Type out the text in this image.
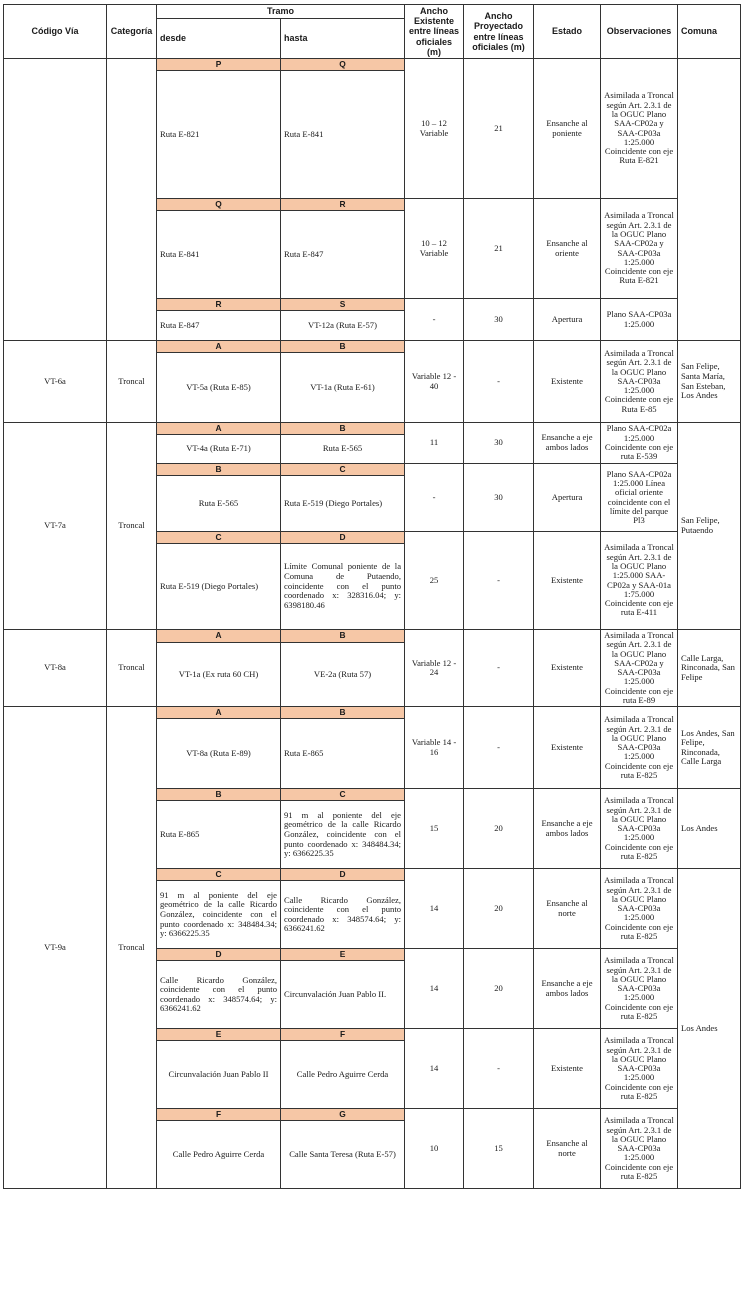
Código Vía	Categoría	Tramo		Ancho Existente entre líneas oficiales (m)	Ancho Proyectado entre líneas oficiales (m)	Estado	Observaciones	Comuna
		desde	hasta					
		P	Q	10 – 12 Variable	21	Ensanche al poniente	Asimilada a Troncal según Art. 2.3.1 de la OGUC Plano SAA-CP02a y SAA-CP03a 1:25.000 Coincidente con eje Ruta E-821	
		Ruta E-821	Ruta E-841					
		Q	R	10 – 12 Variable	21	Ensanche al oriente	Asimilada a Troncal según Art. 2.3.1 de la OGUC Plano SAA-CP02a y SAA-CP03a 1:25.000 Coincidente con eje Ruta E-821	
		Ruta E-841	Ruta E-847					
		R	S	-	30	Apertura	Plano SAA-CP03a 1:25.000	
		Ruta E-847	VT-12a (Ruta E-57)					
VT-6a	Troncal	A	B	Variable 12 - 40	-	Existente	Asimilada a Troncal según Art. 2.3.1 de la OGUC Plano SAA-CP03a 1:25.000 Coincidente con eje Ruta E-85	San Felipe, Santa María, San Esteban, Los Andes
		VT-5a (Ruta E-85)	VT-1a (Ruta E-61)					
VT-7a	Troncal	A	B	11	30	Ensanche a eje ambos lados	Plano SAA-CP02a 1:25.000 Coincidente con eje ruta E-539	San Felipe, Putaendo
		VT-4a (Ruta E-71)	Ruta E-565					
		B	C	-	30	Apertura	Plano SAA-CP02a 1:25.000 Línea oficial oriente coincidente con el límite del parque Pl3	
		Ruta E-565	Ruta E-519 (Diego Portales)					
		C	D	25	-	Existente	Asimilada a Troncal según Art. 2.3.1 de la OGUC Plano 1:25.000 SAA-CP02a y SAA-01a 1:75.000 Coincidente con eje ruta E-411	
		Ruta E-519 (Diego Portales)	Límite Comunal poniente de la Comuna de Putaendo, coincidente con el punto coordenado x: 328316.04; y: 6398180.46					
VT-8a	Troncal	A	B	Variable 12 - 24	-	Existente	Asimilada a Troncal según Art. 2.3.1 de la OGUC Plano SAA-CP02a y SAA-CP03a 1:25.000 Coincidente con eje ruta E-89	Calle Larga, Rinconada, San Felipe
		VT-1a (Ex ruta 60 CH)	VE-2a (Ruta 57)					
VT-9a	Troncal	A	B	Variable 14 - 16	-	Existente	Asimilada a Troncal según Art. 2.3.1 de la OGUC Plano SAA-CP03a 1:25.000 Coincidente con eje ruta E-825	Los Andes, San Felipe, Rinconada, Calle Larga
		VT-8a (Ruta E-89)	Ruta E-865					
		B	C	15	20	Ensanche a eje ambos lados	Asimilada a Troncal según Art. 2.3.1 de la OGUC Plano SAA-CP03a 1:25.000 Coincidente con eje ruta E-825	Los Andes
		Ruta E-865	91 m al poniente del eje geométrico de la calle Ricardo González, coincidente con el punto coordenado x: 348484.34; y: 6366225.35					
		C	D	14	20	Ensanche al norte	Asimilada a Troncal según Art. 2.3.1 de la OGUC Plano SAA-CP03a 1:25.000 Coincidente con eje ruta E-825	Los Andes
		91 m al poniente del eje geométrico de la calle Ricardo González, coincidente con el punto coordenado x: 348484.34; y: 6366225.35	Calle Ricardo González, coincidente con el punto coordenado x: 348574.64; y: 6366241.62					
		D	E	14	20	Ensanche a eje ambos lados	Asimilada a Troncal según Art. 2.3.1 de la OGUC Plano SAA-CP03a 1:25.000 Coincidente con eje ruta E-825	
		Calle Ricardo González, coincidente con el punto coordenado x: 348574.64; y: 6366241.62	Circunvalación Juan Pablo II.					
		E	F	14	-	Existente	Asimilada a Troncal según Art. 2.3.1 de la OGUC Plano SAA-CP03a 1:25.000 Coincidente con eje ruta E-825	
		Circunvalación Juan Pablo II	Calle Pedro Aguirre Cerda					
		F	G	10	15	Ensanche al norte	Asimilada a Troncal según Art. 2.3.1 de la OGUC Plano SAA-CP03a 1:25.000 Coincidente con eje ruta E-825	
		Calle Pedro Aguirre Cerda	Calle Santa Teresa (Ruta E-57)					
